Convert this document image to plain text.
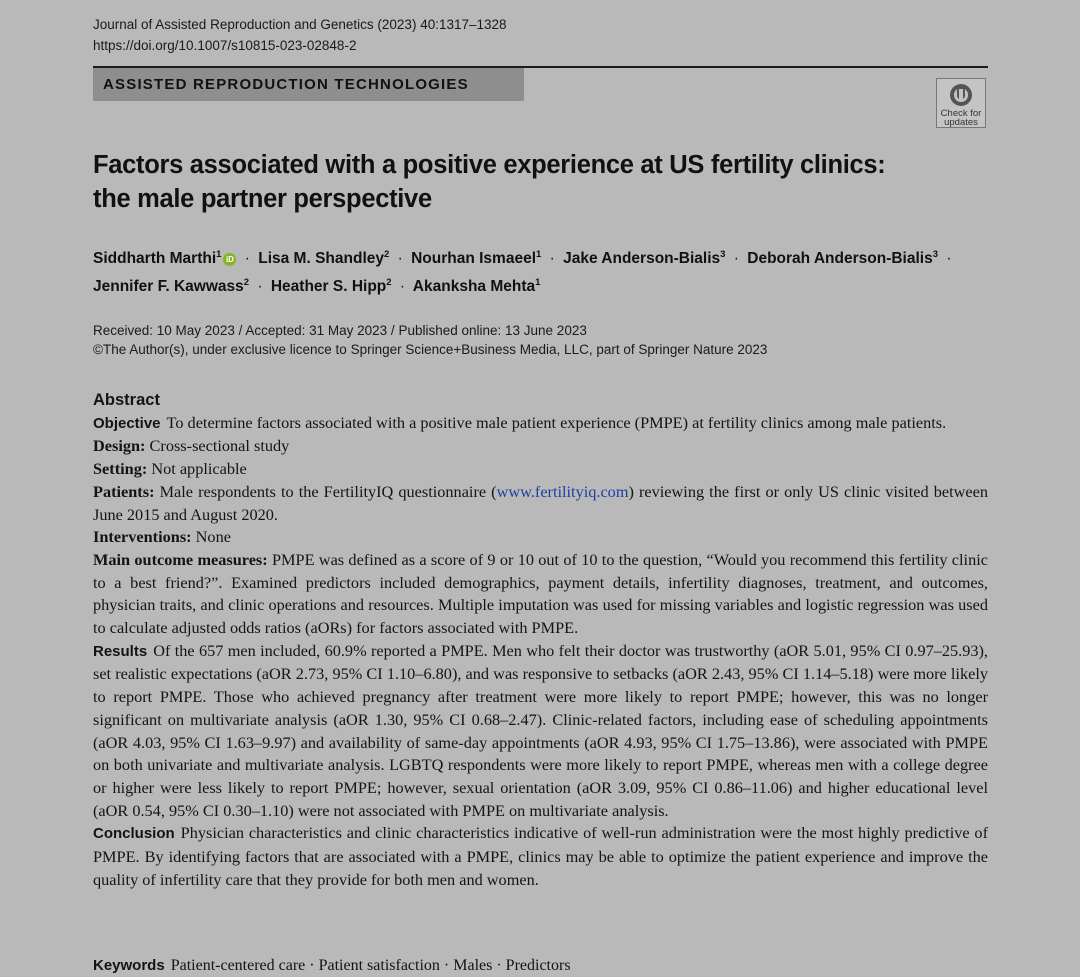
Journal of Assisted Reproduction and Genetics (2023) 40:1317–1328
https://doi.org/10.1007/s10815-023-02848-2
ASSISTED REPRODUCTION TECHNOLOGIES
Check for
updates
Factors associated with a positive experience at US fertility clinics:
the male partner perspective
Siddharth Marthi$^1$ iD · Lisa M. Shandley$^2$ · Nourhan Ismaeel$^1$ · Jake Anderson-Bialis$^3$ · Deborah Anderson-Bialis$^3$ ·
Jennifer F. Kawwass$^2$ · Heather S. Hipp$^2$ · Akanksha Mehta$^1$
Received: 10 May 2023 / Accepted: 31 May 2023 / Published online: 13 June 2023
©The Author(s), under exclusive licence to Springer Science+Business Media, LLC, part of Springer Nature 2023
Abstract

Objective To determine factors associated with a positive male patient experience (PMPE) at fertility clinics among male patients.

Design: Cross-sectional study

Setting: Not applicable

Patients: Male respondents to the FertilityIQ questionnaire (www.fertilityiq.com) reviewing the first or only US clinic visited between June 2015 and August 2020.

Interventions: None

Main outcome measures: PMPE was defined as a score of 9 or 10 out of 10 to the question, “Would you recommend this fertility clinic to a best friend?”. Examined predictors included demographics, payment details, infertility diagnoses, treatment, and outcomes, physician traits, and clinic operations and resources. Multiple imputation was used for missing variables and logistic regression was used to calculate adjusted odds ratios (aORs) for factors associated with PMPE.

Results Of the 657 men included, 60.9% reported a PMPE. Men who felt their doctor was trustworthy (aOR 5.01, 95% CI 0.97–25.93), set realistic expectations (aOR 2.73, 95% CI 1.10–6.80), and was responsive to setbacks (aOR 2.43, 95% CI 1.14–5.18) were more likely to report PMPE. Those who achieved pregnancy after treatment were more likely to report PMPE; however, this was no longer significant on multivariate analysis (aOR 1.30, 95% CI 0.68–2.47). Clinic-related factors, including ease of scheduling appointments (aOR 4.03, 95% CI 1.63–9.97) and availability of same-day appointments (aOR 4.93, 95% CI 1.75–13.86), were associated with PMPE on both univariate and multivariate analysis. LGBTQ respondents were more likely to report PMPE, whereas men with a college degree or higher were less likely to report PMPE; however, sexual orientation (aOR 3.09, 95% CI 0.86–11.06) and higher educational level (aOR 0.54, 95% CI 0.30–1.10) were not associated with PMPE on multivariate analysis.

Conclusion Physician characteristics and clinic characteristics indicative of well-run administration were the most highly predictive of PMPE. By identifying factors that are associated with a PMPE, clinics may be able to optimize the patient experience and improve the quality of infertility care that they provide for both men and women.

Keywords Patient-centered care · Patient satisfaction · Males · Predictors
